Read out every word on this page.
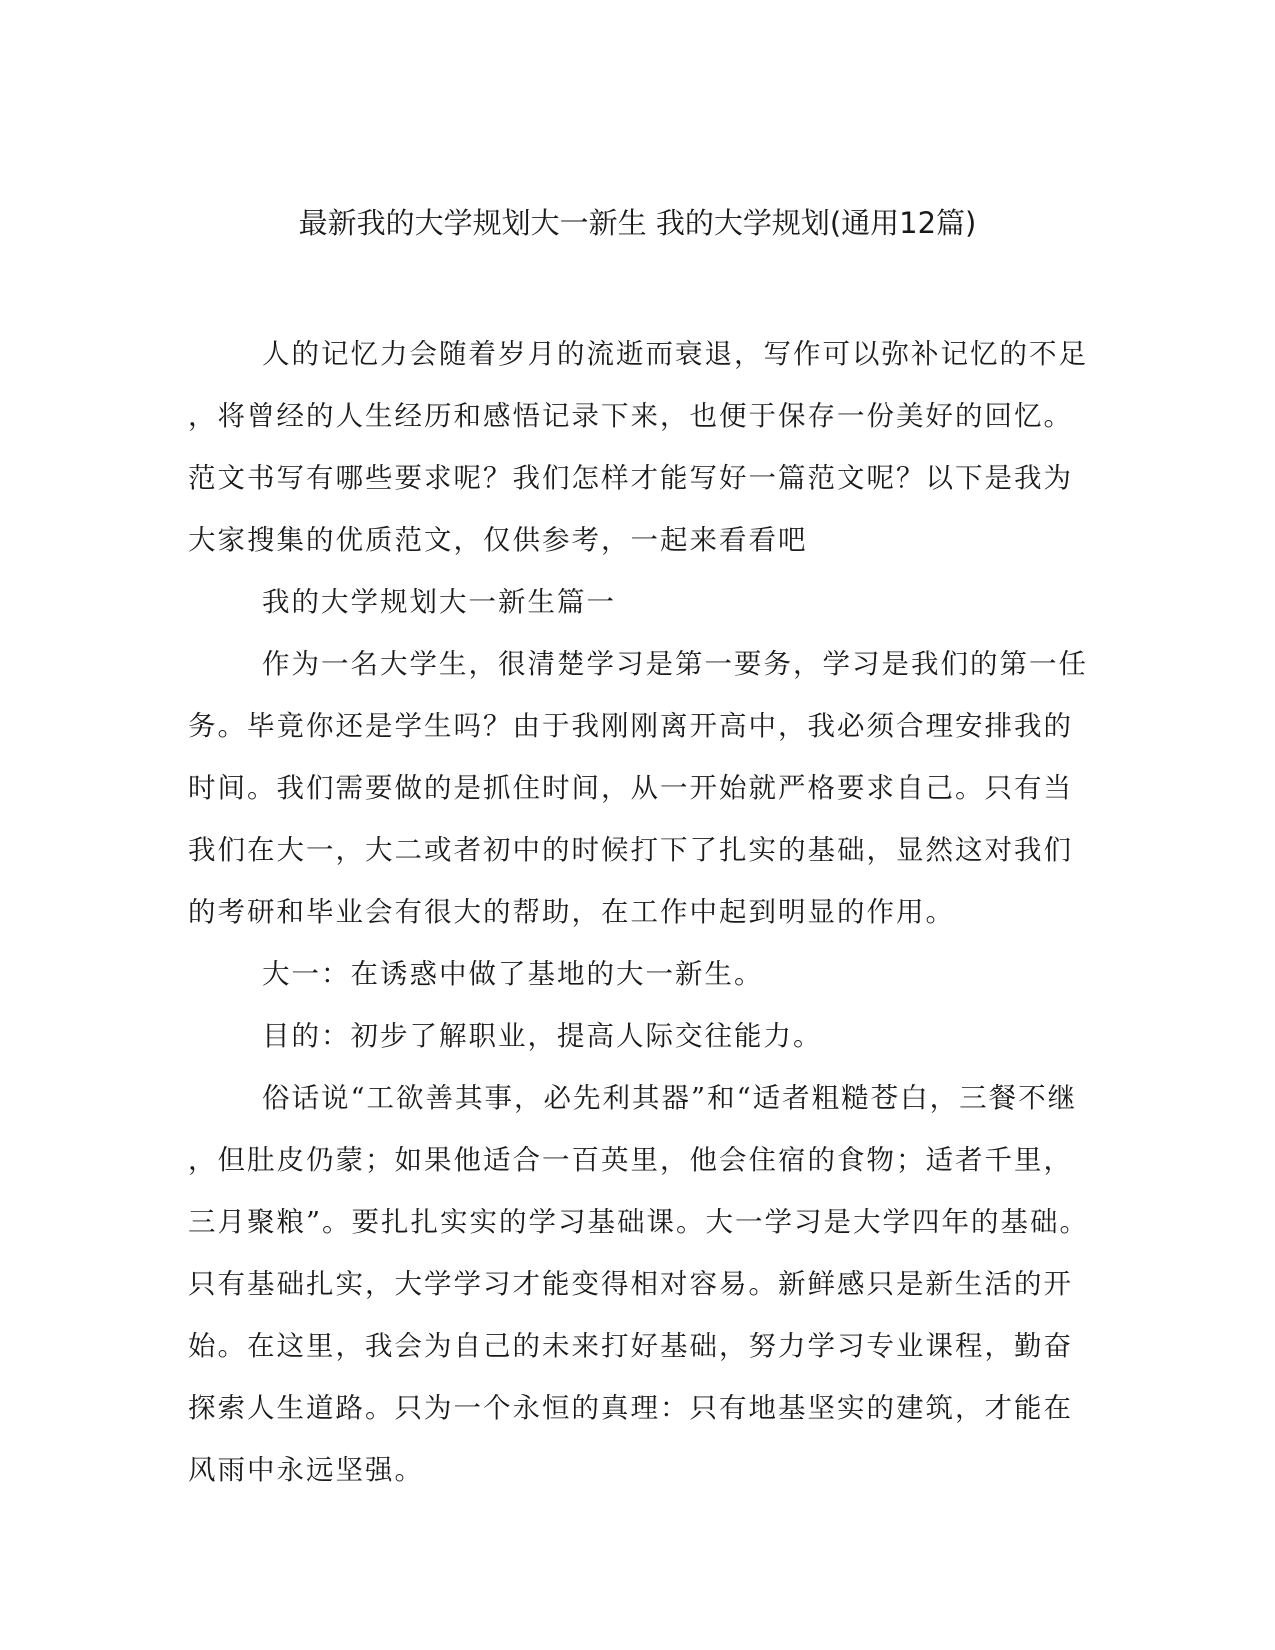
最新我的大学规划大一新生 我的大学规划(通用12篇)
人的记忆力会随着岁月的流逝而衰退，写作可以弥补记忆的不足
，将曾经的人生经历和感悟记录下来，也便于保存一份美好的回忆。
范文书写有哪些要求呢？我们怎样才能写好一篇范文呢？以下是我为
大家搜集的优质范文，仅供参考，一起来看看吧
我的大学规划大一新生篇一
作为一名大学生，很清楚学习是第一要务，学习是我们的第一任
务。毕竟你还是学生吗？由于我刚刚离开高中，我必须合理安排我的
时间。我们需要做的是抓住时间，从一开始就严格要求自己。只有当
我们在大一，大二或者初中的时候打下了扎实的基础，显然这对我们
的考研和毕业会有很大的帮助，在工作中起到明显的作用。
大一：在诱惑中做了基地的大一新生。
目的：初步了解职业，提高人际交往能力。
俗话说“工欲善其事，必先利其器”和“适者粗糙苍白，三餐不继
，但肚皮仍蒙；如果他适合一百英里，他会住宿的食物；适者千里，
三月聚粮”。要扎扎实实的学习基础课。大一学习是大学四年的基础。
只有基础扎实，大学学习才能变得相对容易。新鲜感只是新生活的开
始。在这里，我会为自己的未来打好基础，努力学习专业课程，勤奋
探索人生道路。只为一个永恒的真理：只有地基坚实的建筑，才能在
风雨中永远坚强。
